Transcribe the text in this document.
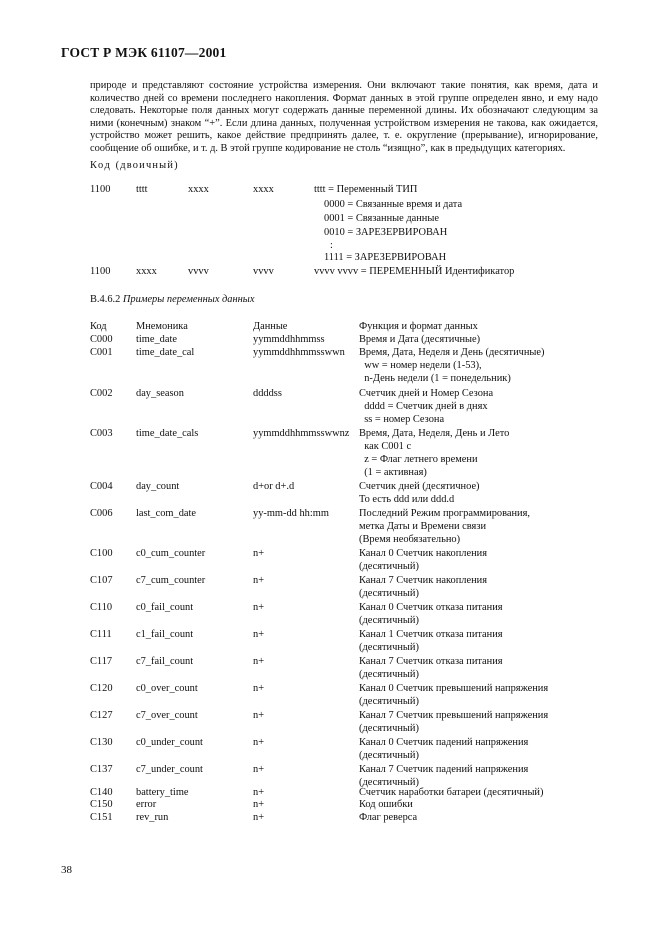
ГОСТ Р МЭК 61107—2001

природе и представляют состояние устройства измерения. Они включают такие понятия, как время, дата и количество дней со времени последнего накопления. Формат данных в этой группе определен явно, и ему надо следовать. Некоторые поля данных могут содержать данные переменной длины. Их обозначают следующим за ними (конечным) знаком “+”. Если длина данных, полученная устройством измерения не такова, как ожидается, устройство может решить, какое действие предпринять далее, т. е. округление (прерывание), игнорирование, сообщение об ошибке, и т. д. В этой группе кодирование не столь “изящно”, как в предыдущих категориях.

Код (двоичный)
1100 tttt	xxxx	xxxx	tttt = Переменный ТИП
0000 = Связанные время и дата
0001 = Связанные данные
0010 = ЗАРЕЗЕРВИРОВАН
:
1111 = ЗАРЕЗЕРВИРОВАН
1100 xxxx	vvvv	vvvv	vvvv vvvv = ПЕРЕМЕННЫЙ Идентификатор
B.4.6.2 Примеры переменных данных
Код	Мнемоника	Данные	Функция и формат данных
C000 time_date	yymmddhhmmss	Время и Дата (десятичные)
C001 time_date_cal	yymmddhhmmsswwn Время, Дата, Неделя и День (десятичные)
ww = номер недели (1-53),
n-День недели (1 = понедельник)
C002 day_season	ddddss	Счетчик дней и Номер Сезона
dddd = Счетчик дней в днях
ss = номер Сезона
C003 time_date_cals	yymmddhhmmsswwnz Время, Дата, Неделя, День и Лето
как C001 с
z = Флаг летнего времени
(1 = активная)
C004 day_count	d+or d+.d	Счетчик дней (десятичное)
То есть ddd или ddd.d
C006 last_com_date	yy-mm-dd hh:mm	Последний Режим программирования,
метка Даты и Времени связи
(Время необязательно)
C100 c0_cum_counter	n+	Канал 0 Счетчик накопления
(десятичный)
C107 c7_cum_counter	n+	Канал 7 Счетчик накопления
(десятичный)
C110 c0_fail_count	n+	Канал 0 Счетчик отказа питания
(десятичный)
C111 c1_fail_count	n+	Канал 1 Счетчик отказа питания
(десятичный)
C117 c7_fail_count	n+	Канал 7 Счетчик отказа питания
(десятичный)
C120 c0_over_count	n+	Канал 0 Счетчик превышений напряжения
(десятичный)
C127 c7_over_count	n+	Канал 7 Счетчик превышений напряжения
(десятичный)
C130 c0_under_count	n+	Канал 0 Счетчик падений напряжения
(десятичный)
C137 c7_under_count	n+	Канал 7 Счетчик падений напряжения
(десятичный)
C140 battery_time	n+	Счетчик наработки батареи (десятичный)
C150 error	n+	Код ошибки
C151 rev_run	n+	Флаг реверса
38
